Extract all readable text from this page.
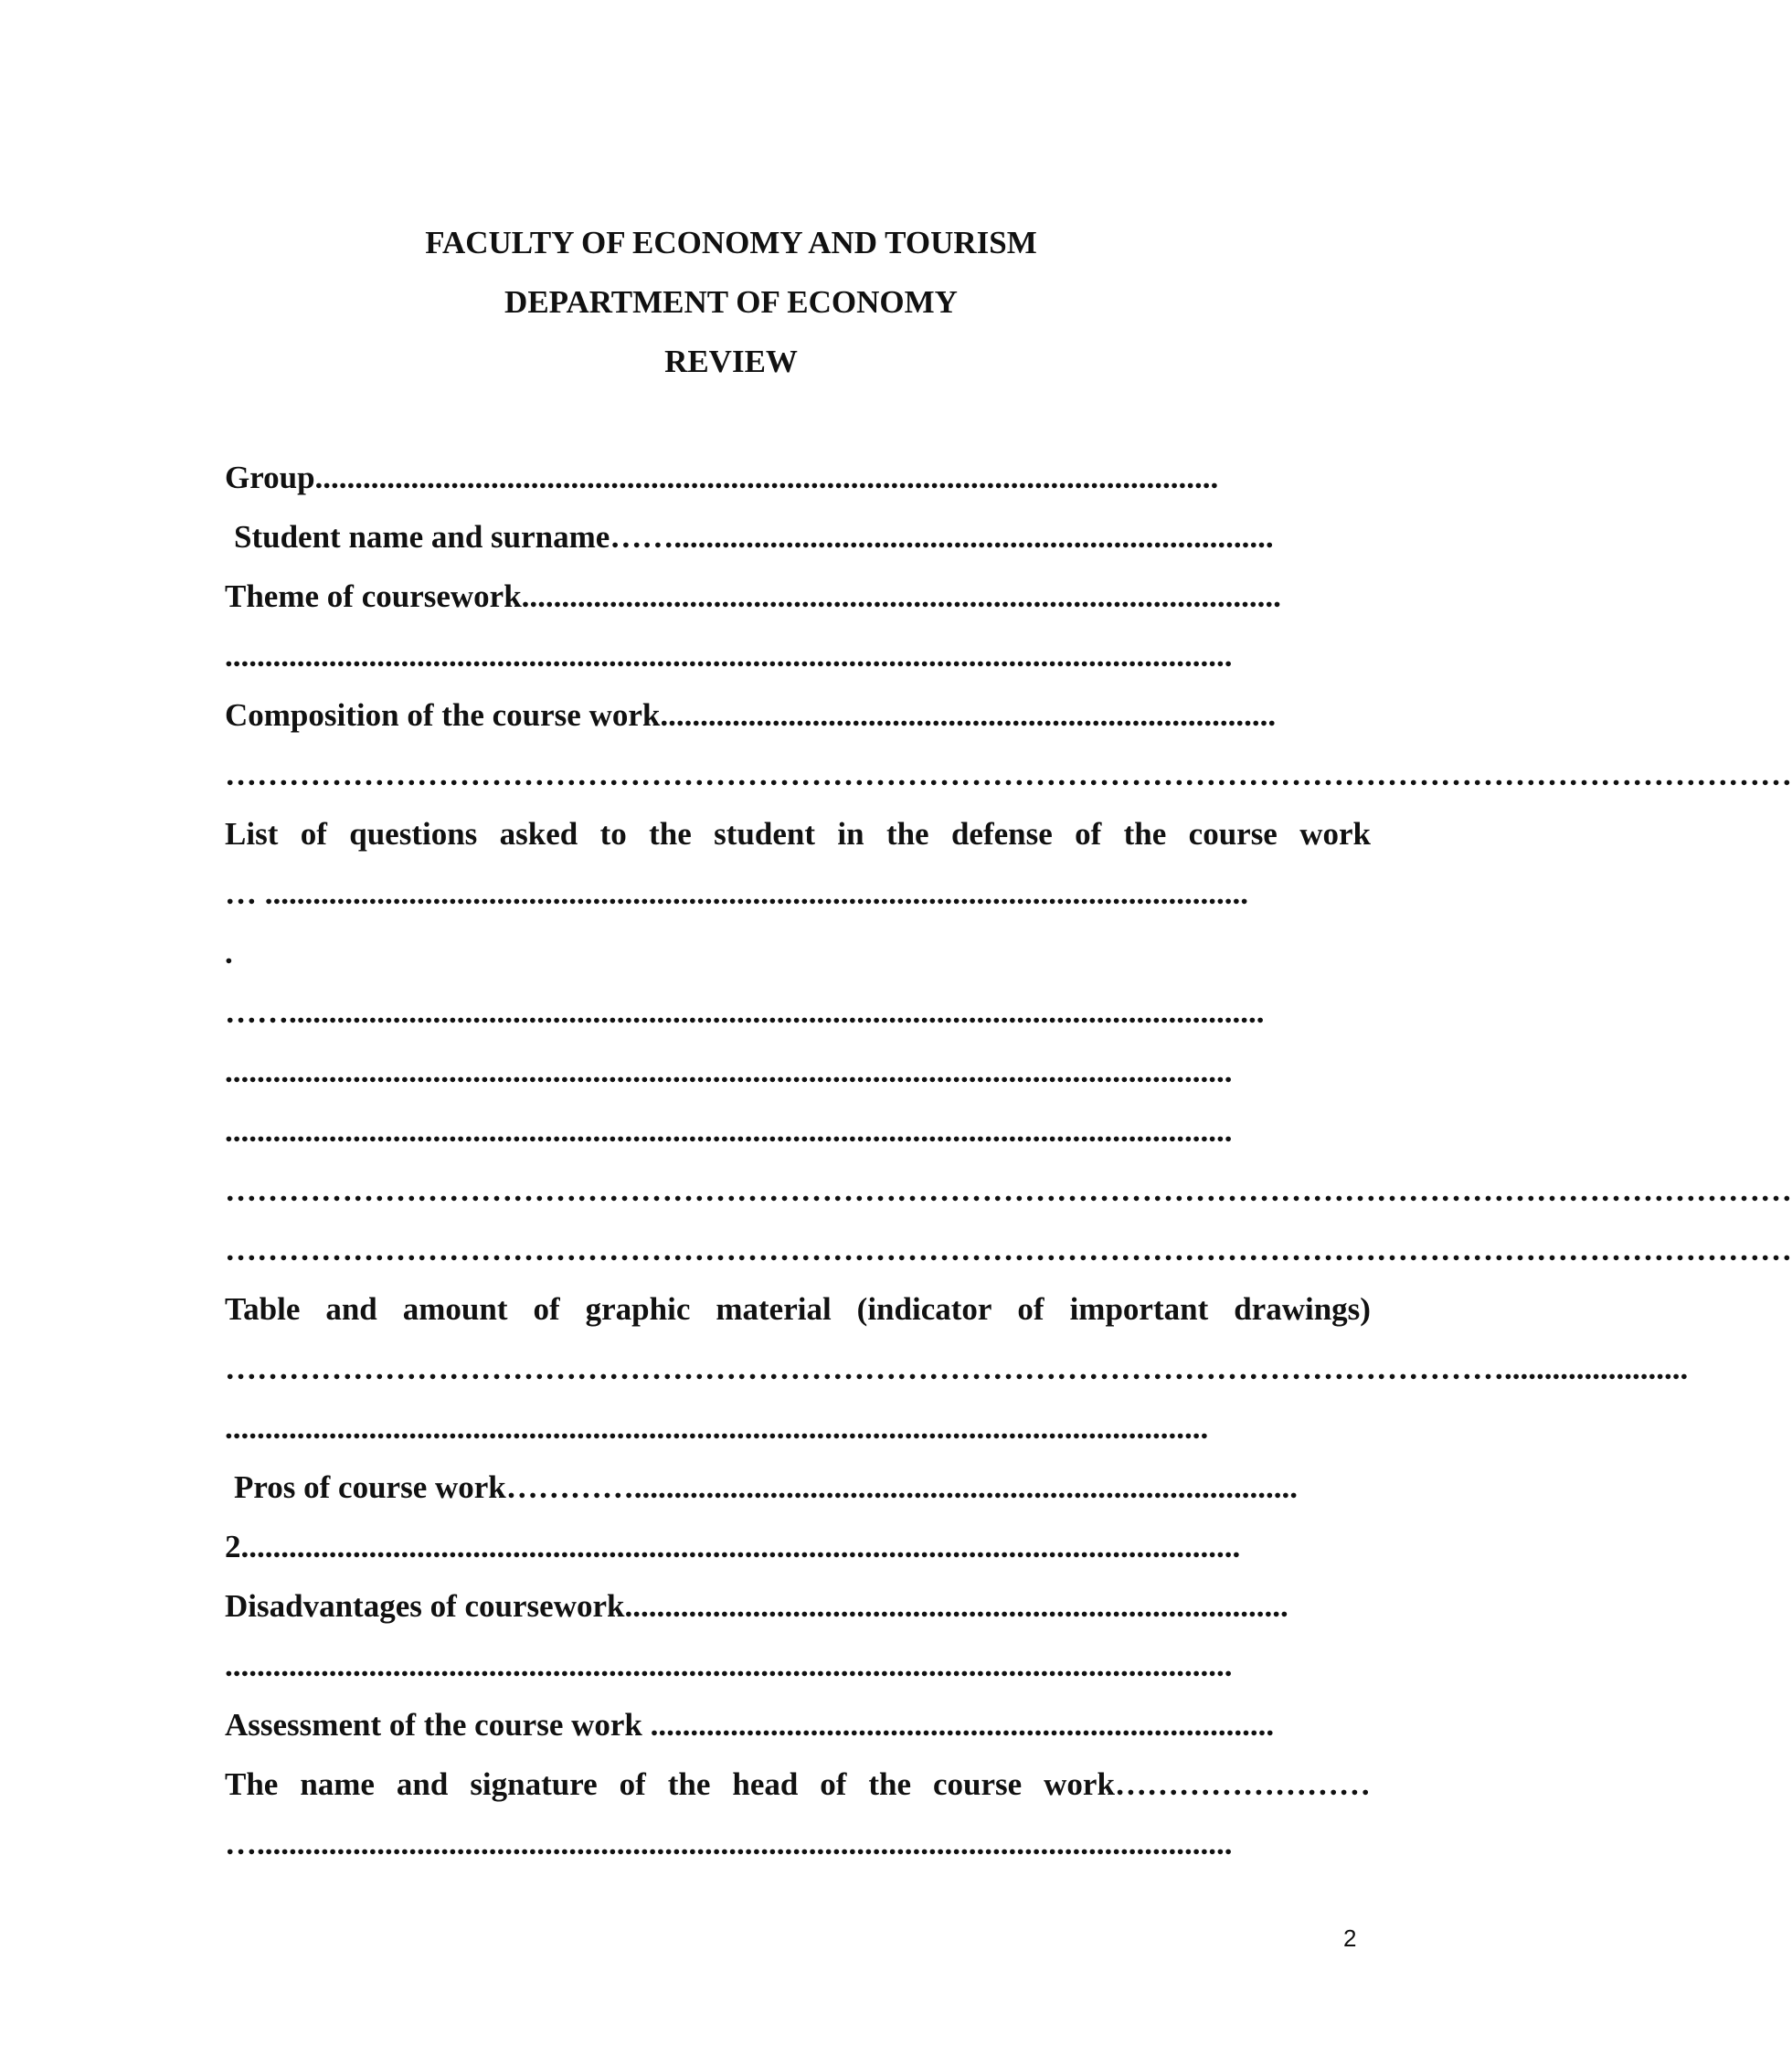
FACULTY OF ECONOMY AND TOURISM
DEPARTMENT OF ECONOMY
REVIEW
Group.................................................................................................................
Student name and surname……...........................................................................
Theme of coursework...............................................................................................
..............................................................................................................................
Composition of the course work.............................................................................
…………………………………………………………………………………………………………………………………
List of questions asked to the student in the defense of the course work
… ...........................................................................................................................
.
……..........................................................................................................................
..............................................................................................................................
..............................................................................................................................
…………………………………………………………………………………………………………………………………
…………………………………………………………………………………………………………………………………
Table and amount of graphic material (indicator of important drawings)
………………………………………………………………………………………………………….......................
...........................................................................................................................
Pros of course work…………...................................................................................
2.............................................................................................................................
Disadvantages of coursework...................................................................................
..............................................................................................................................
Assessment of the course work ..............................................................................
The name and signature of the head of the course work……………………
…..........................................................................................................................
2
